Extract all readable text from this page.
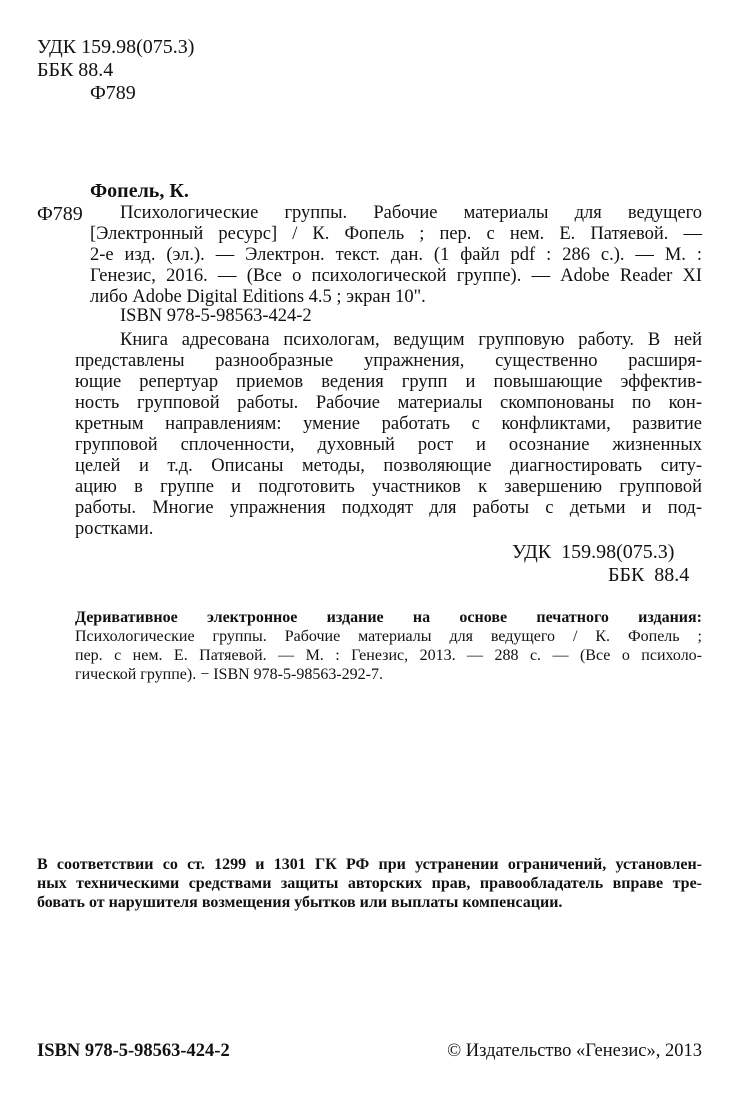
УДК 159.98(075.3)
ББК 88.4
Ф789
Фопель, К.
Ф789	Психологические группы. Рабочие материалы для ведущего
[Электронный ресурс] / К. Фопель ; пер. с нем. Е. Патяевой. —
2-е изд. (эл.). — Электрон. текст. дан. (1 файл pdf : 286 с.). — М. :
Генезис, 2016. — (Все о психологической группе). — Adobe Reader XI
либо Adobe Digital Editions 4.5 ; экран 10".
ISBN 978-5-98563-424-2
Книга адресована психологам, ведущим групповую работу. В ней
представлены разнообразные упражнения, существенно расширя-
ющие репертуар приемов ведения групп и повышающие эффектив-
ность групповой работы. Рабочие материалы скомпонованы по кон-
кретным направлениям: умение работать с конфликтами, развитие
групповой сплоченности, духовный рост и осознание жизненных
целей и т.д. Описаны методы, позволяющие диагностировать ситу-
ацию в группе и подготовить участников к завершению групповой
работы. Многие упражнения подходят для работы с детьми и под-
ростками.
УДК  159.98(075.3)
ББК  88.4
Деривативное электронное издание на основе печатного издания:
Психологические группы. Рабочие материалы для ведущего / К. Фопель ;
пер. с нем. Е. Патяевой. — М. : Генезис, 2013. — 288 с. — (Все о психоло-
гической группе). − ISBN 978-5-98563-292-7.
В соответствии со ст. 1299 и 1301 ГК РФ при устранении ограничений, установлен-
ных техническими средствами защиты авторских прав, правообладатель вправе тре-
бовать от нарушителя возмещения убытков или выплаты компенсации.
ISBN 978-5-98563-424-2	© Издательство «Генезис», 2013
